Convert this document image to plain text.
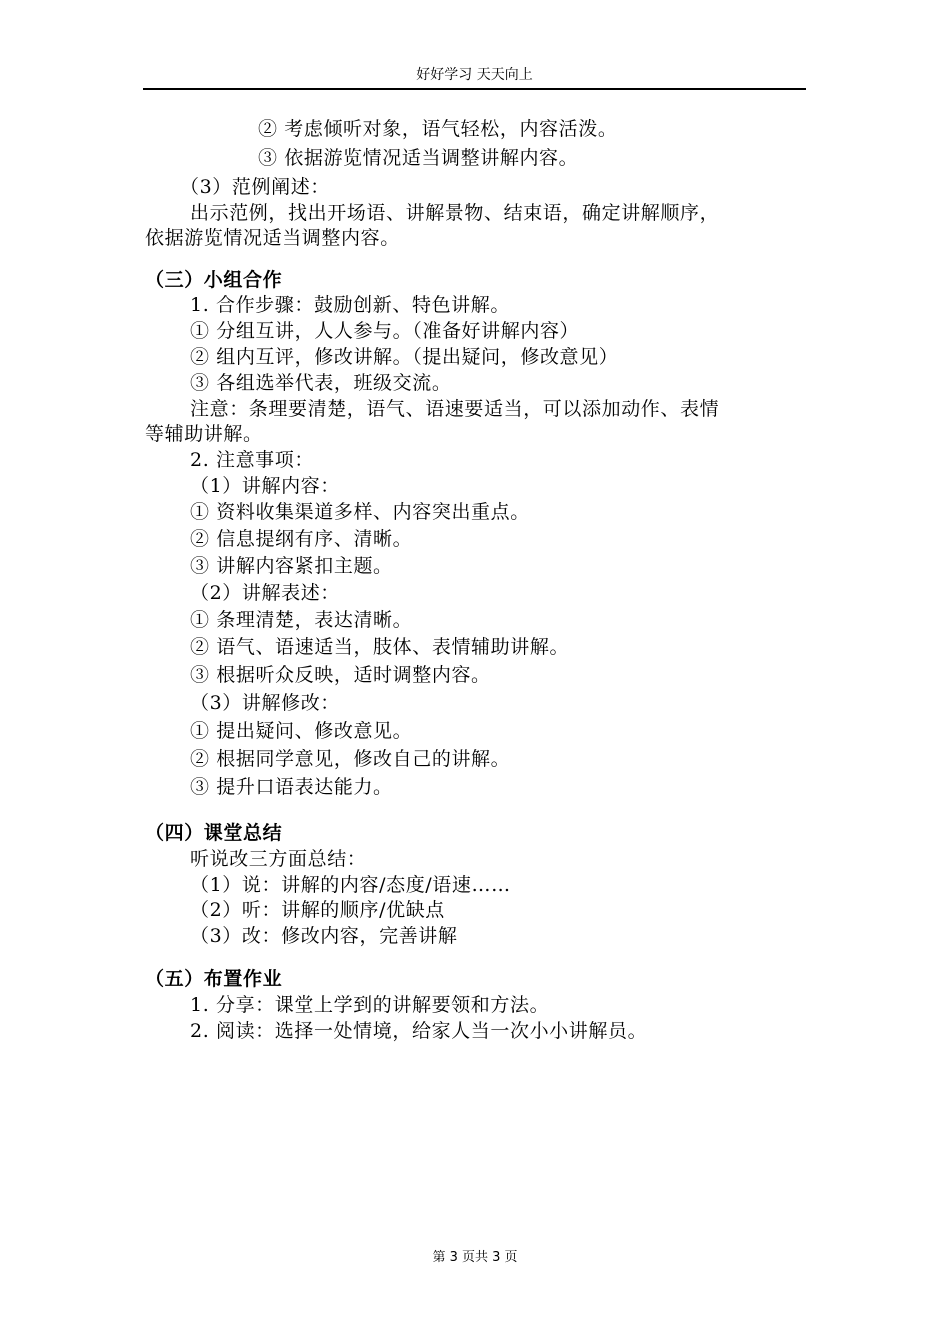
好好学习 天天向上
② 考虑倾听对象，语气轻松，内容活泼。
③ 依据游览情况适当调整讲解内容。
（3）范例阐述：
出示范例，找出开场语、讲解景物、结束语，确定讲解顺序，
依据游览情况适当调整内容。
（三）小组合作
1. 合作步骤：鼓励创新、特色讲解。
① 分组互讲，人人参与。（准备好讲解内容）
② 组内互评，修改讲解。（提出疑问，修改意见）
③ 各组选举代表，班级交流。
注意：条理要清楚，语气、语速要适当，可以添加动作、表情
等辅助讲解。
2. 注意事项：
（1）讲解内容：
① 资料收集渠道多样、内容突出重点。
② 信息提纲有序、清晰。
③ 讲解内容紧扣主题。
（2）讲解表述：
① 条理清楚，表达清晰。
② 语气、语速适当，肢体、表情辅助讲解。
③ 根据听众反映，适时调整内容。
（3）讲解修改：
① 提出疑问、修改意见。
② 根据同学意见，修改自己的讲解。
③ 提升口语表达能力。
（四）课堂总结
听说改三方面总结：
（1）说：讲解的内容/态度/语速……
（2）听：讲解的顺序/优缺点
（3）改：修改内容，完善讲解
（五）布置作业
1. 分享：课堂上学到的讲解要领和方法。
2. 阅读：选择一处情境，给家人当一次小小讲解员。
第 3 页共 3 页
